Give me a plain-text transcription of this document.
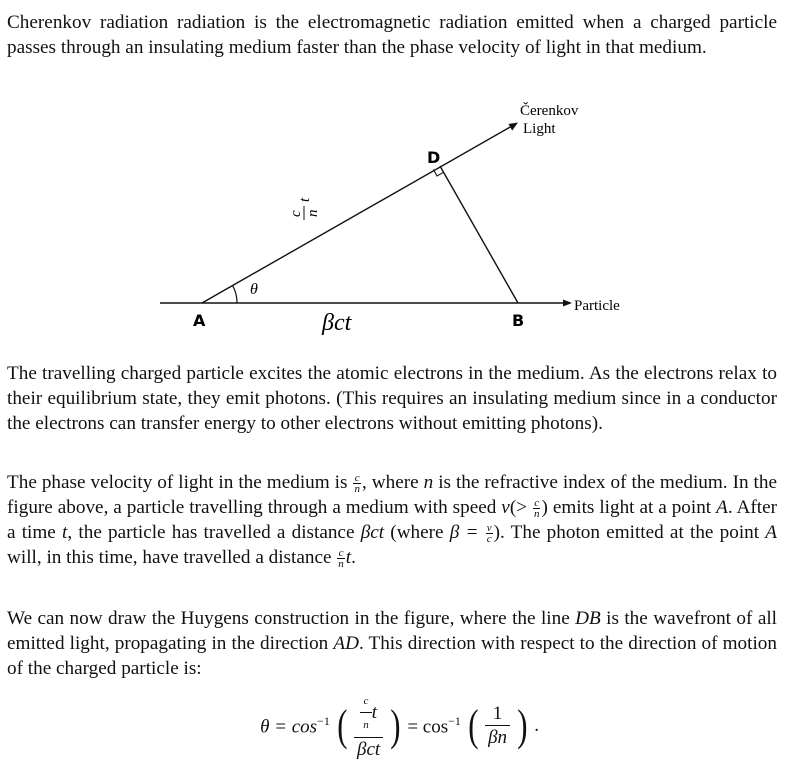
Cherenkov radiation radiation is the electromagnetic radiation emitted when a charged particle passes through an insulating medium faster than the phase velocity of light in that medium.

Čerenkov
Light
Particle
A	B
D
θ
βct
c n
t

The travelling charged particle excites the atomic electrons in the medium. As the electrons relax to their equilibrium state, they emit photons. (This requires an insulating medium since in a conductor the electrons can transfer energy to other electrons without emitting photons).

The phase velocity of light in the medium is $\frac{c}{n}$ , where n is the refractive index of the medium. In the figure above, a particle travelling through a medium with speed $v(> \frac{c}{n}$ ) emits light at a point A. After a time t, the particle has travelled a distance βct (where $\beta = \frac{v}{c}$ ). The photon emitted at the point A will, in this time, have travelled a distance $\frac{c}{n} t$.

We can now draw the Huygens construction in the figure, where the line DB is the wavefront of all emitted light, propagating in the direction AD. This direction with respect to the direction of motion of the charged particle is:

$\theta = \cos^{-1}$ ( $\frac{\frac{c}{n} t}{\text{βct}}$ ) = $\cos^{-1}$ ( $\frac{1}{\beta n}$ ) .
